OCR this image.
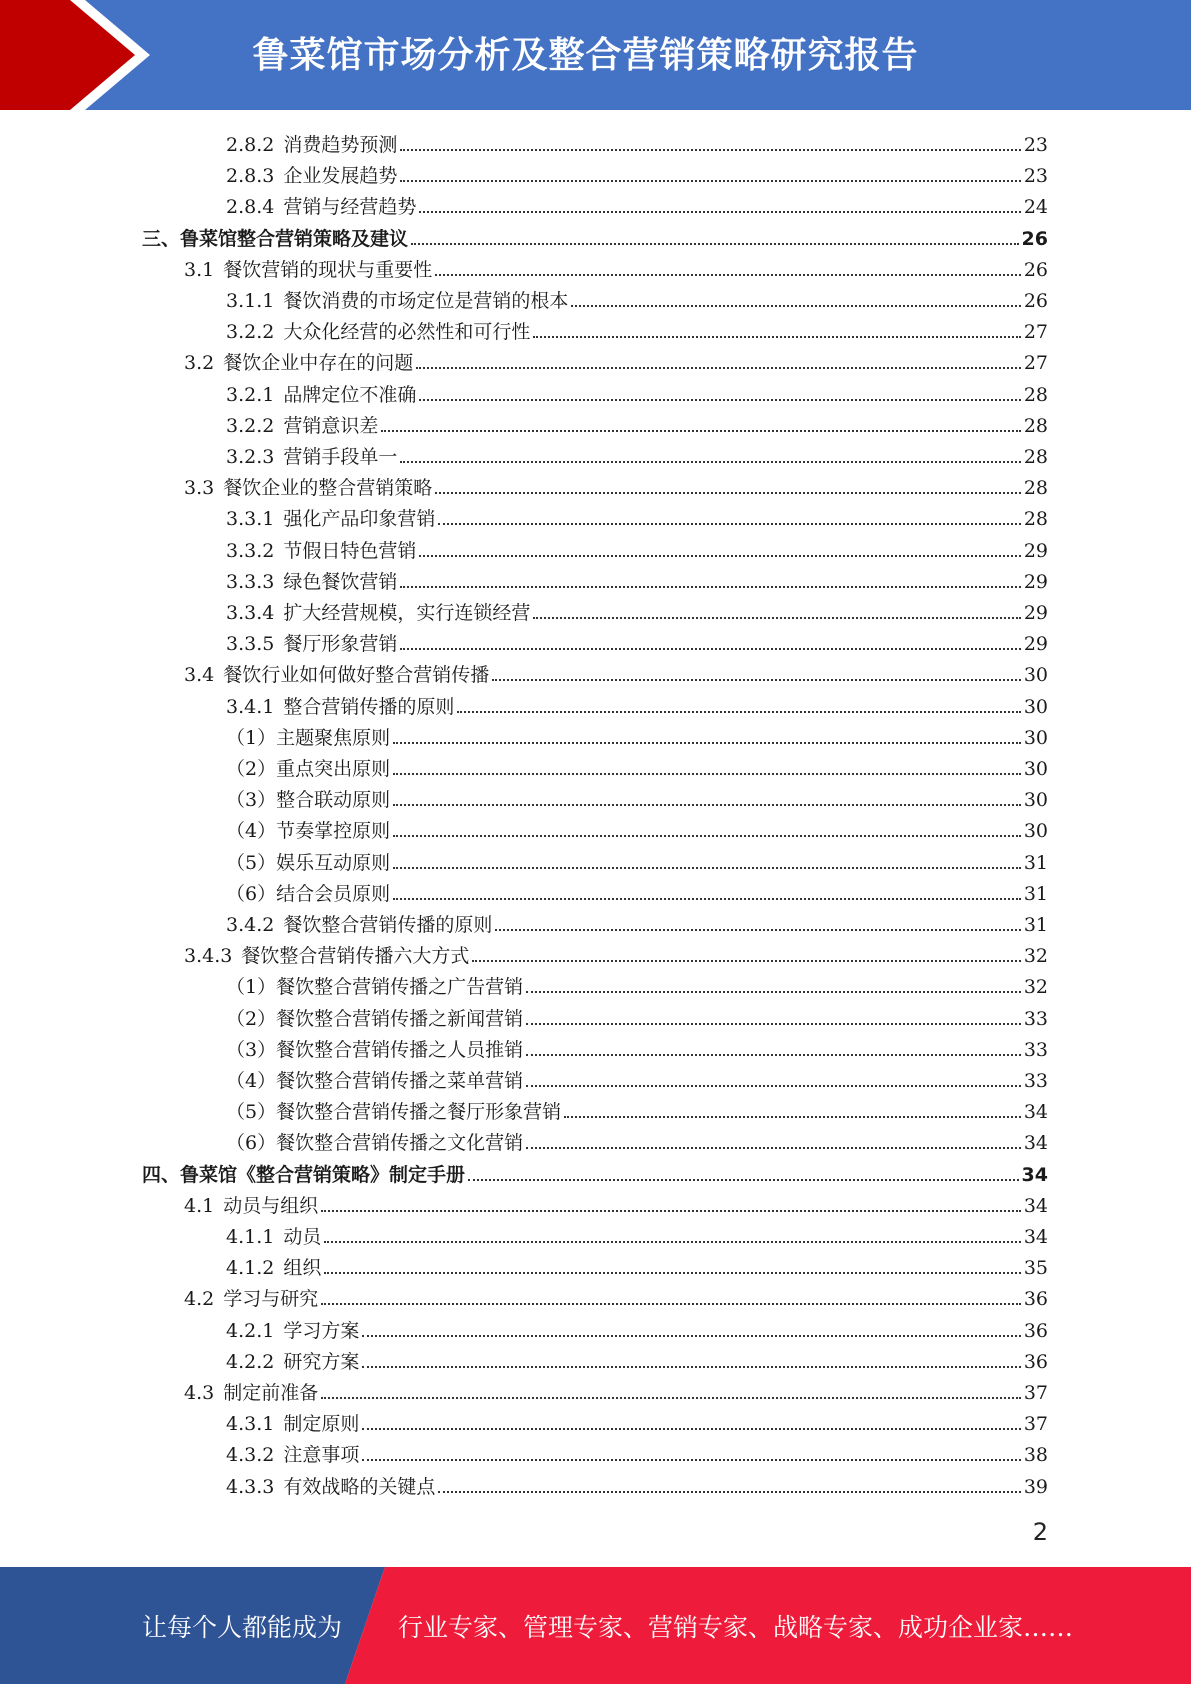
鲁菜馆市场分析及整合营销策略研究报告
2.8.2 消费趋势预测	23
2.8.3 企业发展趋势	23
2.8.4 营销与经营趋势	24
三、鲁菜馆整合营销策略及建议	26
3.1 餐饮营销的现状与重要性	26
3.1.1 餐饮消费的市场定位是营销的根本	26
3.2.2 大众化经营的必然性和可行性	27
3.2 餐饮企业中存在的问题	27
3.2.1 品牌定位不准确	28
3.2.2 营销意识差	28
3.2.3 营销手段单一	28
3.3 餐饮企业的整合营销策略	28
3.3.1 强化产品印象营销	28
3.3.2 节假日特色营销	29
3.3.3 绿色餐饮营销	29
3.3.4 扩大经营规模，实行连锁经营	29
3.3.5 餐厅形象营销	29
3.4 餐饮行业如何做好整合营销传播	30
3.4.1 整合营销传播的原则	30
（1）主题聚焦原则	30
（2）重点突出原则	30
（3）整合联动原则	30
（4）节奏掌控原则	30
（5）娱乐互动原则	31
（6）结合会员原则	31
3.4.2 餐饮整合营销传播的原则	31
3.4.3 餐饮整合营销传播六大方式	32
（1）餐饮整合营销传播之广告营销	32
（2）餐饮整合营销传播之新闻营销	33
（3）餐饮整合营销传播之人员推销	33
（4）餐饮整合营销传播之菜单营销	33
（5）餐饮整合营销传播之餐厅形象营销	34
（6）餐饮整合营销传播之文化营销	34
四、鲁菜馆《整合营销策略》制定手册	34
4.1 动员与组织	34
4.1.1 动员	34
4.1.2 组织	35
4.2 学习与研究	36
4.2.1 学习方案	36
4.2.2 研究方案	36
4.3 制定前准备	37
4.3.1 制定原则	37
4.3.2 注意事项	38
4.3.3 有效战略的关键点	39
2
让每个人都能成为 行业专家、管理专家、营销专家、战略专家、成功企业家……
